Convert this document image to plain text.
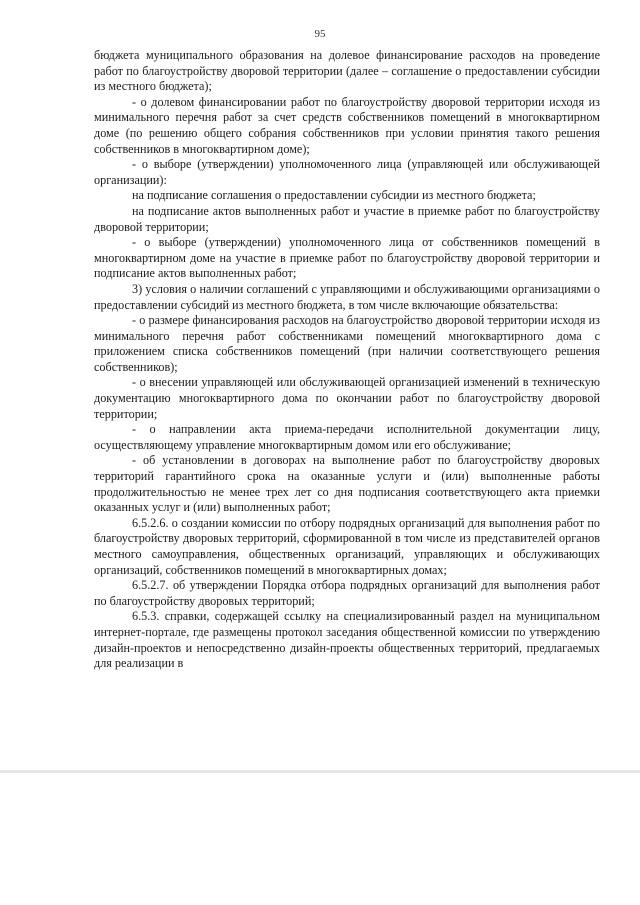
95

бюджета муниципального образования на долевое финансирование расходов на проведение работ по благоустройству дворовой территории (далее – соглашение о предоставлении субсидии из местного бюджета);

- о долевом финансировании работ по благоустройству дворовой территории исходя из минимального перечня работ за счет средств собственников помещений в многоквартирном доме (по решению общего собрания собственников при условии принятия такого решения собственников в многоквартирном доме);

- о выборе (утверждении) уполномоченного лица (управляющей или обслуживающей организации):

на подписание соглашения о предоставлении субсидии из местного бюджета;

на подписание актов выполненных работ и участие в приемке работ по благоустройству дворовой территории;

- о выборе (утверждении) уполномоченного лица от собственников помещений в многоквартирном доме на участие в приемке работ по благоустройству дворовой территории и подписание актов выполненных работ;

3) условия о наличии соглашений с управляющими и обслуживающими организациями о предоставлении субсидий из местного бюджета, в том числе включающие обязательства:

- о размере финансирования расходов на благоустройство дворовой территории исходя из минимального перечня работ собственниками помещений многоквартирного дома с приложением списка собственников помещений (при наличии соответствующего решения собственников);

- о внесении управляющей или обслуживающей организацией изменений в техническую документацию многоквартирного дома по окончании работ по благоустройству дворовой территории;

- о направлении акта приема-передачи исполнительной документации лицу, осуществляющему управление многоквартирным домом или его обслуживание;

- об установлении в договорах на выполнение работ по благоустройству дворовых территорий гарантийного срока на оказанные услуги и (или) выполненные работы продолжительностью не менее трех лет со дня подписания соответствующего акта приемки оказанных услуг и (или) выполненных работ;

6.5.2.6. о создании комиссии по отбору подрядных организаций для выполнения работ по благоустройству дворовых территорий, сформированной в том числе из представителей органов местного самоуправления, общественных организаций, управляющих и обслуживающих организаций, собственников помещений в многоквартирных домах;

6.5.2.7. об утверждении Порядка отбора подрядных организаций для выполнения работ по благоустройству дворовых территорий;

6.5.3. справки, содержащей ссылку на специализированный раздел на муниципальном интернет-портале, где размещены протокол заседания общественной комиссии по утверждению дизайн-проектов и непосредственно дизайн-проекты общественных территорий, предлагаемых для реализации в
